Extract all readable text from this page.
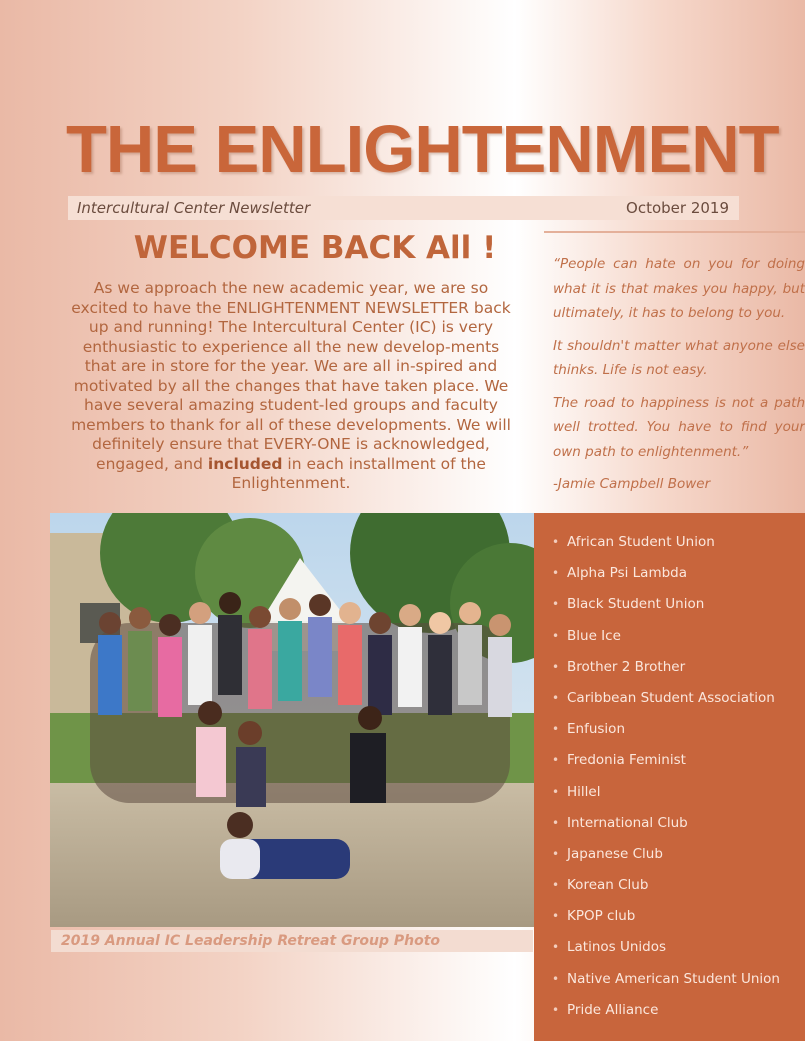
THE ENLIGHTENMENT
Intercultural Center Newsletter	October 2019
WELCOME BACK All !
As we approach the new academic year, we are so excited to have the ENLIGHTENMENT NEWSLETTER back up and running! The Intercultural Center (IC) is very enthusiastic to experience all the new develop-ments that are in store for the year. We are all in-spired and motivated by all the changes that have taken place. We have several amazing student-led groups and faculty members to thank for all of these developments. We will definitely ensure that EVERY-ONE is acknowledged, engaged, and included in each installment of the Enlightenment.

“People can hate on you for doing what it is that makes you happy, but ultimately, it has to belong to you.

It shouldn't matter what anyone else thinks. Life is not easy.

The road to happiness is not a path well trotted. You have to find your own path to enlightenment.”

-Jamie Campbell Bower

2019 Annual IC Leadership Retreat Group Photo
• African Student Union
• Alpha Psi Lambda
• Black Student Union
• Blue Ice
• Brother 2 Brother
• Caribbean Student Association
• Enfusion
• Fredonia Feminist
• Hillel
• International Club
• Japanese Club
• Korean Club
• KPOP club
• Latinos Unidos
• Native American Student Union
• Pride Alliance
